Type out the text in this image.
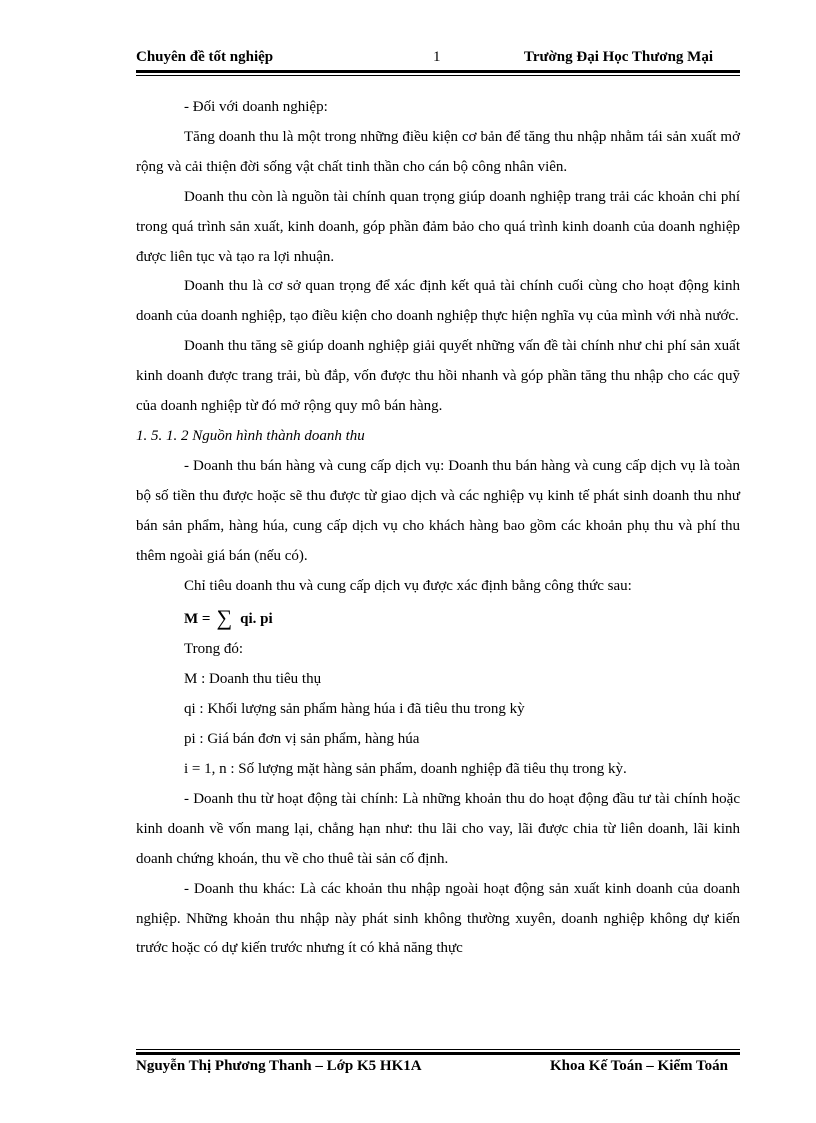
Chuyên đề tốt nghiệp	1	Trường Đại Học Thương Mại

- Đối với doanh nghiệp:

Tăng doanh thu là một trong những điều kiện cơ bản để tăng thu nhập nhằm tái sản xuất mở rộng và cải thiện đời sống vật chất tinh thần cho cán bộ công nhân viên.

Doanh thu còn là nguồn tài chính quan trọng giúp doanh nghiệp trang trải các khoản chi phí trong quá trình sản xuất, kinh doanh, góp phần đảm bảo cho quá trình kinh doanh của doanh nghiệp được liên tục và tạo ra lợi nhuận.

Doanh thu là cơ sở quan trọng để xác định kết quả tài chính cuối cùng cho hoạt động kinh doanh của doanh nghiệp, tạo điều kiện cho doanh nghiệp thực hiện nghĩa vụ của mình với nhà nước.

Doanh thu tăng sẽ giúp doanh nghiệp giải quyết những vấn đề tài chính như chi phí sản xuất kinh doanh được trang trải, bù đắp, vốn được thu hồi nhanh và góp phần tăng thu nhập cho các quỹ của doanh nghiệp từ đó mở rộng quy mô bán hàng.

1. 5. 1. 2 Nguồn hình thành doanh thu

- Doanh thu bán hàng và cung cấp dịch vụ: Doanh thu bán hàng và cung cấp dịch vụ là toàn bộ số tiền thu được hoặc sẽ thu được từ giao dịch và các nghiệp vụ kinh tế phát sinh doanh thu như bán sản phẩm, hàng húa, cung cấp dịch vụ cho khách hàng bao gồm các khoản phụ thu và phí thu thêm ngoài giá bán (nếu có).

Chỉ tiêu doanh thu và cung cấp dịch vụ được xác định bằng công thức sau:

M = ∑ qi. pi

Trong đó:

M : Doanh thu tiêu thụ

qi : Khối lượng sản phẩm hàng húa i đã tiêu thu trong kỳ

pi : Giá bán đơn vị sản phẩm, hàng húa

i = 1, n : Số lượng mặt hàng sản phẩm, doanh nghiệp đã tiêu thụ trong kỳ.

- Doanh thu từ hoạt động tài chính: Là những khoản thu do hoạt động đầu tư tài chính hoặc kinh doanh về vốn mang lại, chẳng hạn như: thu lãi cho vay, lãi được chia từ liên doanh, lãi kinh doanh chứng khoán, thu về cho thuê tài sản cố định.

- Doanh thu khác: Là các khoản thu nhập ngoài hoạt động sản xuất kinh doanh của doanh nghiệp. Những khoản thu nhập này phát sinh không thường xuyên, doanh nghiệp không dự kiến trước hoặc có dự kiến trước nhưng ít có khả năng thực

Nguyễn Thị Phương Thanh – Lớp K5 HK1A	Khoa Kế Toán – Kiểm Toán
